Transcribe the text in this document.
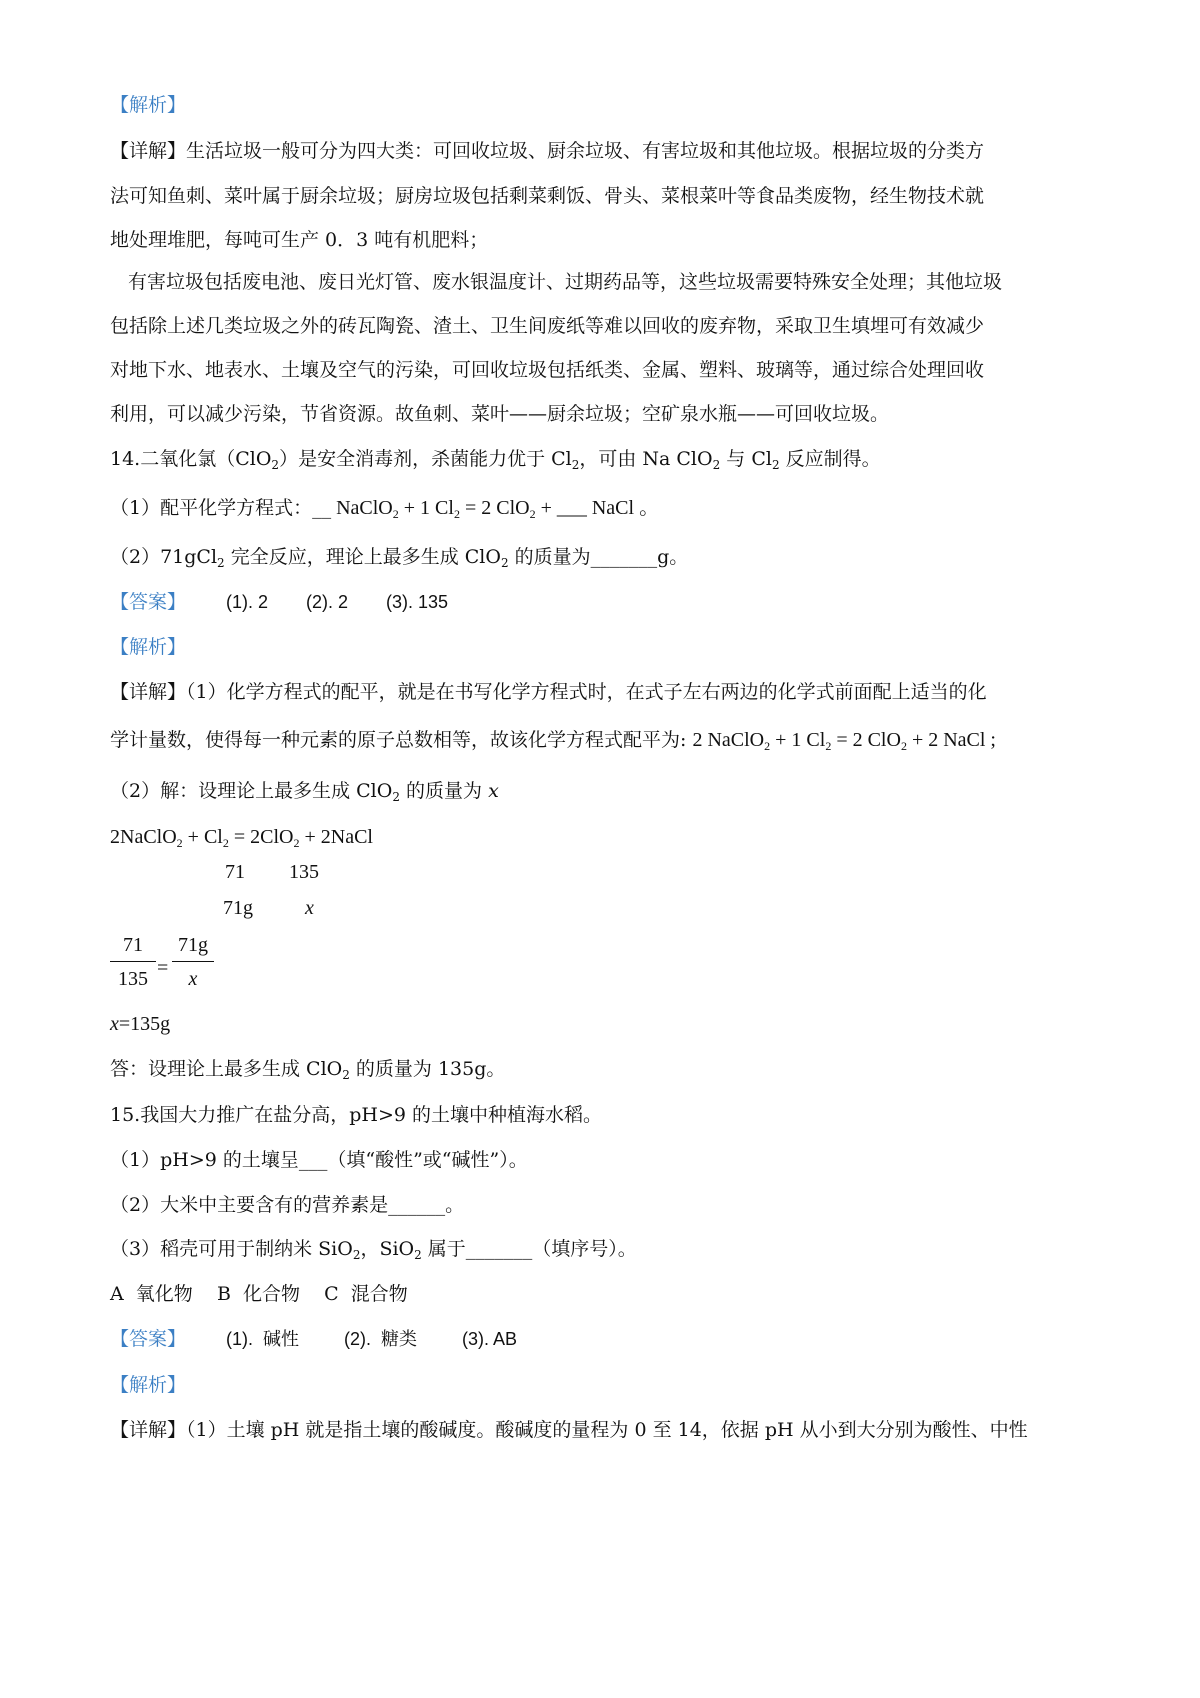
【解析】
【详解】生活垃圾一般可分为四大类：可回收垃圾、厨余垃圾、有害垃圾和其他垃圾。根据垃圾的分类方
法可知鱼刺、菜叶属于厨余垃圾；厨房垃圾包括剩菜剩饭、骨头、菜根菜叶等食品类废物，经生物技术就
地处理堆肥，每吨可生产 0．3 吨有机肥料；
有害垃圾包括废电池、废日光灯管、废水银温度计、过期药品等，这些垃圾需要特殊安全处理；其他垃圾
包括除上述几类垃圾之外的砖瓦陶瓷、渣土、卫生间废纸等难以回收的废弃物，采取卫生填埋可有效减少
对地下水、地表水、土壤及空气的污染，可回收垃圾包括纸类、金属、塑料、玻璃等，通过综合处理回收
利用，可以减少污染，节省资源。故鱼刺、菜叶——厨余垃圾；空矿泉水瓶——可回收垃圾。
14.二氧化氯（ClO$_2$）是安全消毒剂，杀菌能力优于 $Cl_2$，可由 Na ClO$_2$ 与 $Cl_2$ 反应制得。
（1）配平化学方程式：__ NaClO$_2$ + 1 $Cl_2 = 2$ ClO$_2$ + ___ NaCl 。
（2）71gCl$_2$ 完全反应，理论上最多生成 ClO$_2$ 的质量为_______g。
【答案】 (1). 2 (2). 2 (3). 135
【解析】
【详解】（1）化学方程式的配平，就是在书写化学方程式时，在式子左右两边的化学式前面配上适当的化
学计量数，使得每一种元素的原子总数相等，故该化学方程式配平为: 2 NaClO$_2$ + 1 $Cl_2 = 2$ ClO$_2$ + 2 NaCl ;
（2）解：设理论上最多生成 ClO$_2$ 的质量为 x
2NaClO$_2$ + $Cl_2 = 2ClO_2$ + 2NaCl
71 135
71g	x
$\frac{71}{135} = \frac{71g}{x}$
x=135g
答：设理论上最多生成 ClO$_2$ 的质量为 135g。
15.我国大力推广在盐分高，pH>9 的土壤中种植海水稻。
（1）pH>9 的土壤呈___（填“酸性”或“碱性”）。
（2）大米中主要含有的营养素是______。
（3）稻壳可用于制纳米 SiO$_2$，SiO$_2$ 属于_______（填序号）。
A  氧化物    B  化合物    C  混合物
【答案】 (1).  碱性 (2).  糖类 (3). AB
【解析】
【详解】（1）土壤 pH 就是指土壤的酸碱度。酸碱度的量程为 0 至 14，依据 pH 从小到大分别为酸性、中性
